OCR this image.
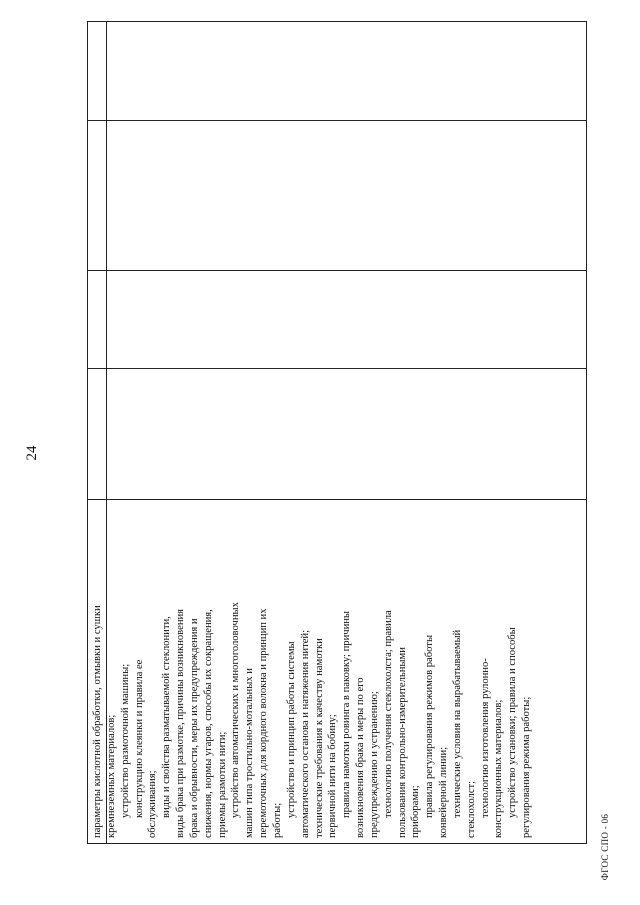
24

параметры кислотной обработки, отмывки и сушки кремнеземных материалов; устройство размоточной машины; конструкцию клеянки и правила ее обслуживания; виды и свойства разматываемой стеклонити, виды брака при размотке, причины возникновения брака и обрывности, меры их предупреждения и снижения, нормы угаров, способы их сокращения, приемы размотки нити; устройство автоматических и многоголовочных машин типа тростильно-мотальных и перемоточных для кордного волокна и принцип их работы;

устройство и принцип работы системы автоматического останова и натяжения нитей; технические требования к качеству намотки первичной нити на бобину; правила намотки ровинга в паковку; причины возникновения брака и меры по его предупреждению и устранению; технологию получения стеклохолста; правила пользования контрольно-измерительными приборами; правила регулирования режимов работы конвейерной линии; технические условия на вырабатываемый стеклохолст; технологию изготовления рулонно- конструкционных материалов; устройство установки; правила и способы регулирования режима работы;

ФГОС СПО - 06
